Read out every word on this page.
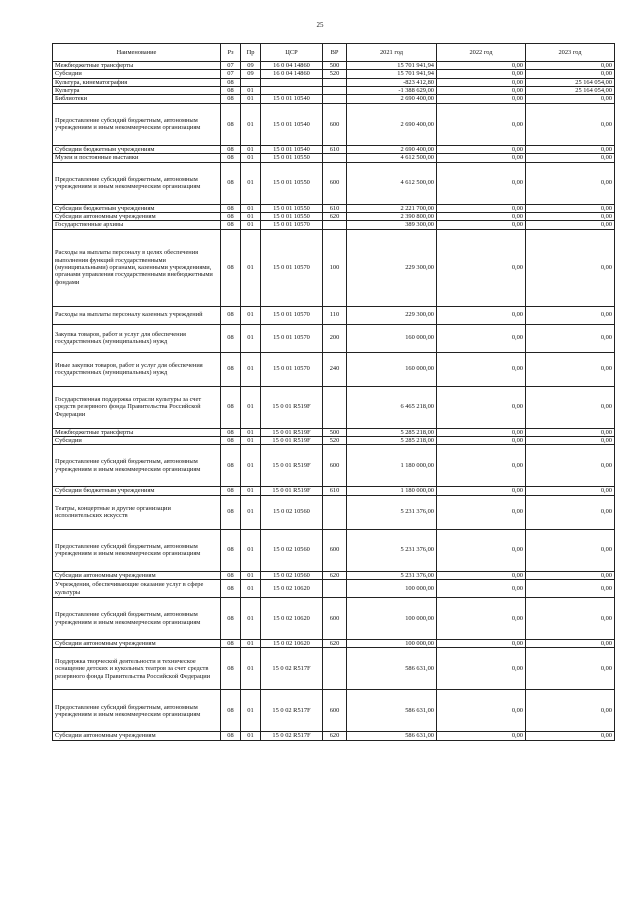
25
Наименование	Рз	Пр	ЦСР	ВР	2021 год	2022 год	2023 год
Межбюджетные трансферты	07	09	16 0 04 14860	500	15 701 941,94	0,00	0,00
Субсидии	07	09	16 0 04 14860	520	15 701 941,94	0,00	0,00
Культура, кинематография	08				-823 412,80	0,00	25 164 054,00
Культура	08	01			-1 388 629,00	0,00	25 164 054,00
Библиотеки	08	01	15 0 01 10540		2 690 400,00	0,00	0,00
Предоставление субсидий бюджетным, автономным учреждениям и иным некоммерческим организациям	08	01	15 0 01 10540	600	2 690 400,00	0,00	0,00
Субсидии бюджетным учреждениям	08	01	15 0 01 10540	610	2 690 400,00	0,00	0,00
Музеи и постоянные выставки	08	01	15 0 01 10550		4 612 500,00	0,00	0,00
Предоставление субсидий бюджетным, автономным учреждениям и иным некоммерческим организациям	08	01	15 0 01 10550	600	4 612 500,00	0,00	0,00
Субсидии бюджетным учреждениям	08	01	15 0 01 10550	610	2 221 700,00	0,00	0,00
Субсидии автономным учреждениям	08	01	15 0 01 10550	620	2 390 800,00	0,00	0,00
Государственные архивы	08	01	15 0 01 10570		389 300,00	0,00	0,00
Расходы на выплаты персоналу в целях обеспечения выполнения функций государственными (муниципальными) органами, казенными учреждениями, органами управления государственными внебюджетными фондами	08	01	15 0 01 10570	100	229 300,00	0,00	0,00
Расходы на выплаты персоналу казенных учреждений	08	01	15 0 01 10570	110	229 300,00	0,00	0,00
Закупка товаров, работ и услуг для обеспечения государственных (муниципальных) нужд	08	01	15 0 01 10570	200	160 000,00	0,00	0,00
Иные закупки товаров, работ и услуг для обеспечения государственных (муниципальных) нужд	08	01	15 0 01 10570	240	160 000,00	0,00	0,00
Государственная поддержка отрасли культуры за счет средств резервного фонда Правительства Российской Федерации	08	01	15 0 01 R519F		6 465 218,00	0,00	0,00
Межбюджетные трансферты	08	01	15 0 01 R519F	500	5 285 218,00	0,00	0,00
Субсидии	08	01	15 0 01 R519F	520	5 285 218,00	0,00	0,00
Предоставление субсидий бюджетным, автономным учреждениям и иным некоммерческим организациям	08	01	15 0 01 R519F	600	1 180 000,00	0,00	0,00
Субсидии бюджетным учреждениям	08	01	15 0 01 R519F	610	1 180 000,00	0,00	0,00
Театры, концертные и другие организации исполнительских искусств	08	01	15 0 02 10560		5 231 376,00	0,00	0,00
Предоставление субсидий бюджетным, автономным учреждениям и иным некоммерческим организациям	08	01	15 0 02 10560	600	5 231 376,00	0,00	0,00
Субсидии автономным учреждениям	08	01	15 0 02 10560	620	5 231 376,00	0,00	0,00
Учреждения, обеспечивающие оказание услуг в сфере культуры	08	01	15 0 02 10620		100 000,00	0,00	0,00
Предоставление субсидий бюджетным, автономным учреждениям и иным некоммерческим организациям	08	01	15 0 02 10620	600	100 000,00	0,00	0,00
Субсидии автономным учреждениям	08	01	15 0 02 10620	620	100 000,00	0,00	0,00
Поддержка творческой деятельности и техническое оснащение детских и кукольных театров за счет средств резервного фонда Правительства Российской Федерации	08	01	15 0 02 R517F		586 631,00	0,00	0,00
Предоставление субсидий бюджетным, автономным учреждениям и иным некоммерческим организациям	08	01	15 0 02 R517F	600	586 631,00	0,00	0,00
Субсидии автономным учреждениям	08	01	15 0 02 R517F	620	586 631,00	0,00	0,00
